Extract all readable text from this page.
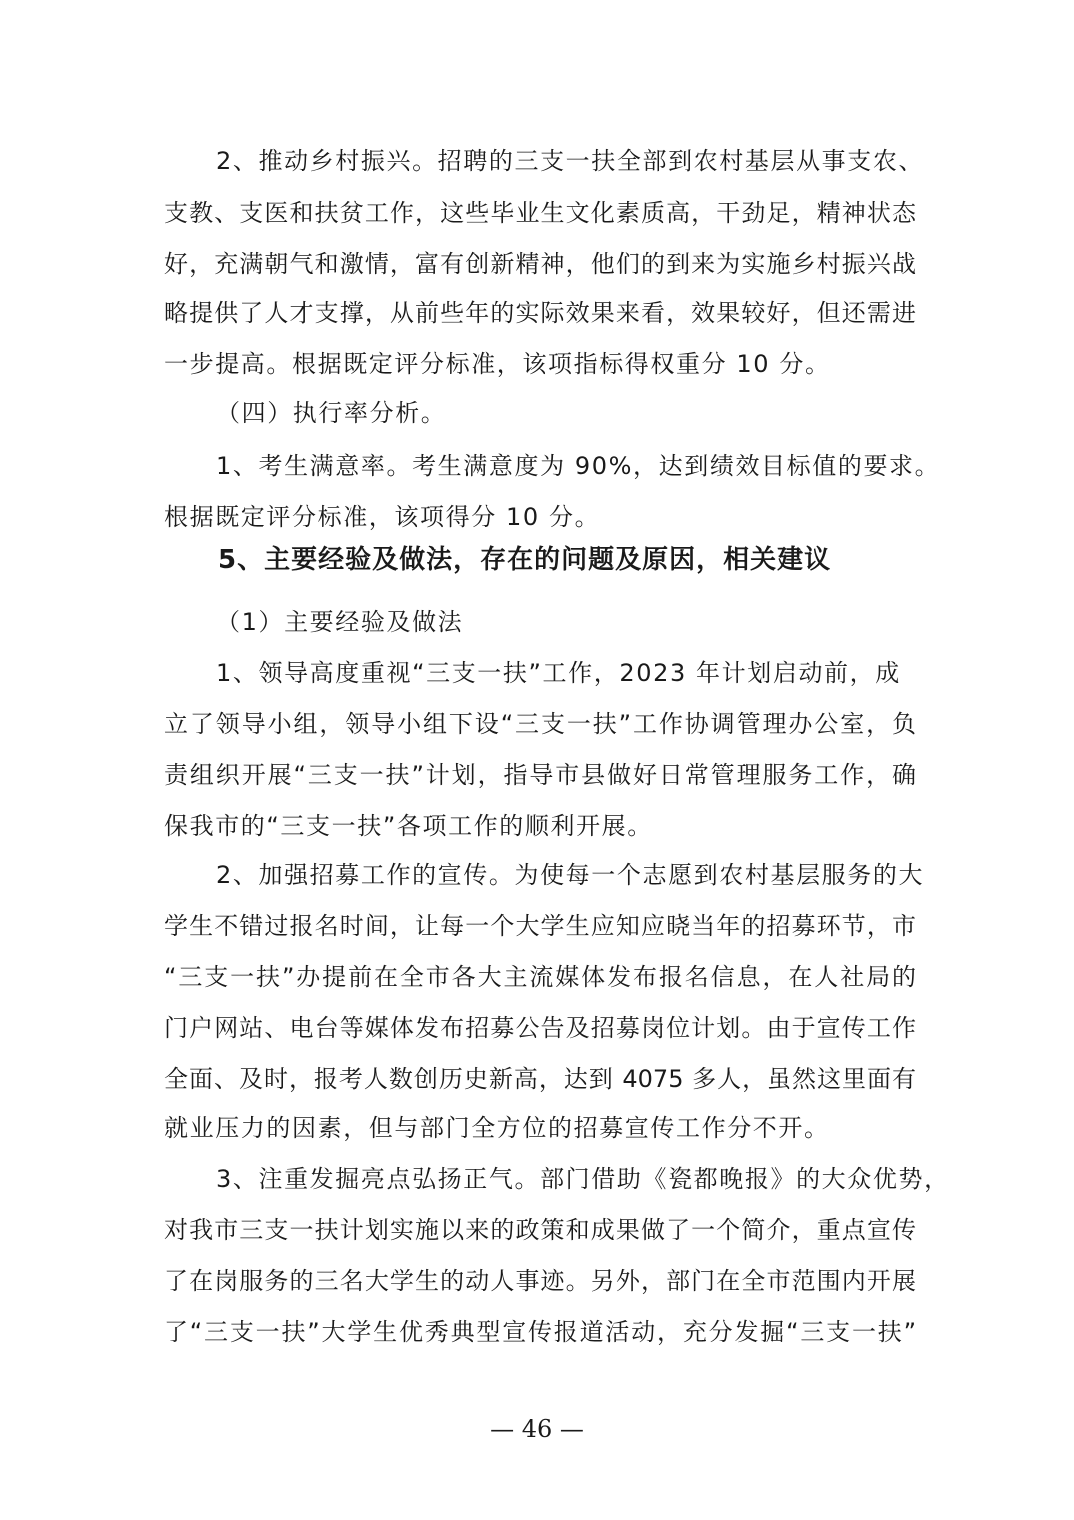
2、推动乡村振兴。招聘的三支一扶全部到农村基层从事支农、
支教、支医和扶贫工作，这些毕业生文化素质高，干劲足，精神状态
好，充满朝气和激情，富有创新精神，他们的到来为实施乡村振兴战
略提供了人才支撑，从前些年的实际效果来看，效果较好，但还需进
一步提高。根据既定评分标准，该项指标得权重分 10 分。
（四）执行率分析。
1、考生满意率。考生满意度为 90%，达到绩效目标值的要求。
根据既定评分标准，该项得分 10 分。
5、主要经验及做法，存在的问题及原因，相关建议
（1）主要经验及做法
1、领导高度重视“三支一扶”工作，2023 年计划启动前，成
立了领导小组，领导小组下设“三支一扶”工作协调管理办公室，负
责组织开展“三支一扶”计划，指导市县做好日常管理服务工作，确
保我市的“三支一扶”各项工作的顺利开展。
2、加强招募工作的宣传。为使每一个志愿到农村基层服务的大
学生不错过报名时间，让每一个大学生应知应晓当年的招募环节，市
“三支一扶”办提前在全市各大主流媒体发布报名信息，在人社局的
门户网站、电台等媒体发布招募公告及招募岗位计划。由于宣传工作
全面、及时，报考人数创历史新高，达到 4075 多人，虽然这里面有
就业压力的因素，但与部门全方位的招募宣传工作分不开。
3、注重发掘亮点弘扬正气。部门借助《瓷都晚报》的大众优势，
对我市三支一扶计划实施以来的政策和成果做了一个简介，重点宣传
了在岗服务的三名大学生的动人事迹。另外，部门在全市范围内开展
了“三支一扶”大学生优秀典型宣传报道活动，充分发掘“三支一扶”
— 46 —
